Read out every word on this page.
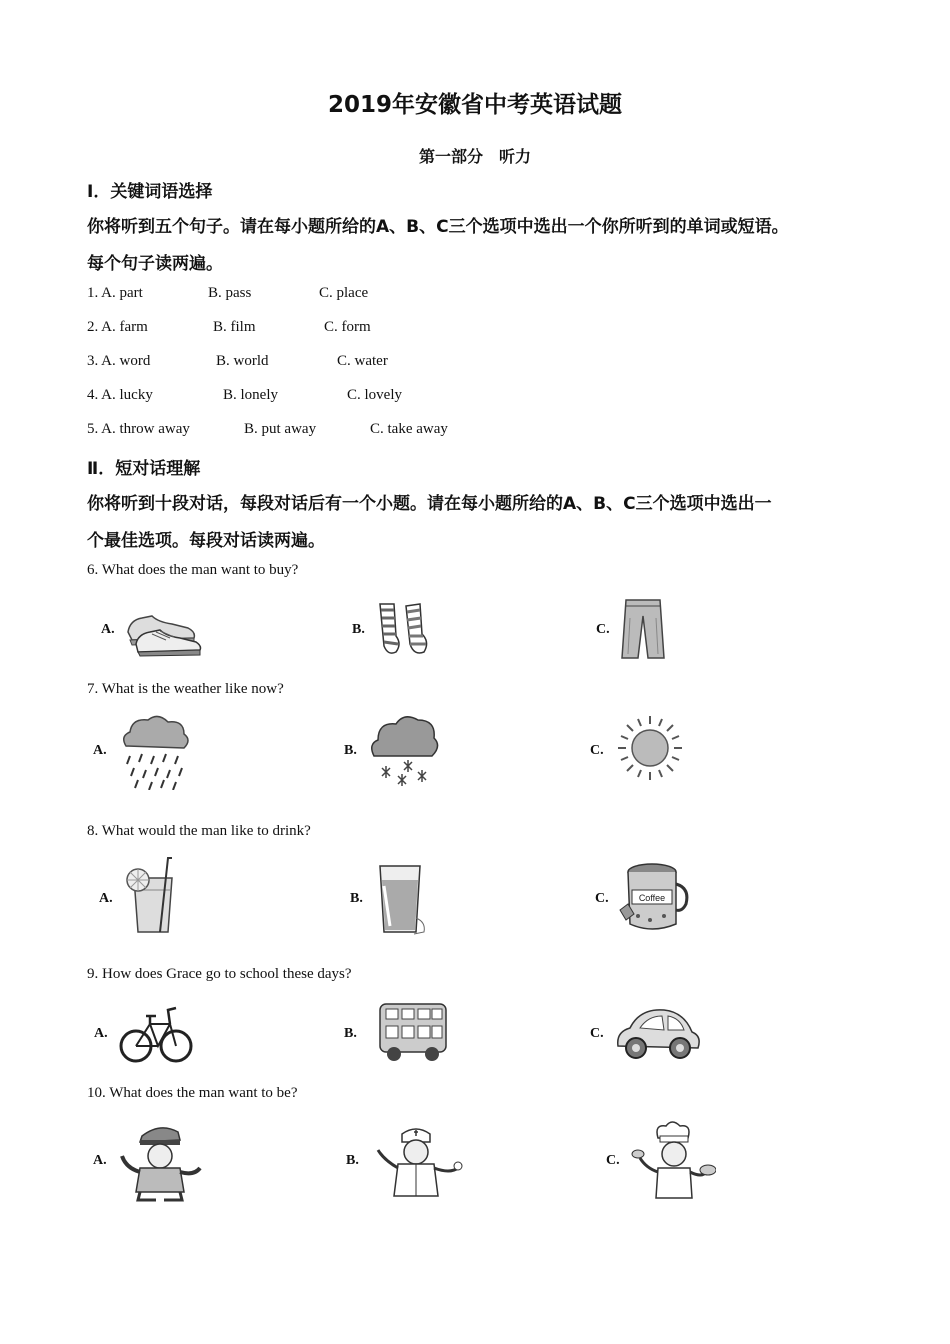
2019年安徽省中考英语试题
第一部分　听力
I．关键词语选择
你将听到五个句子。请在每小题所给的A、B、C三个选项中选出一个你所听到的单词或短语。
每个句子读两遍。
1. A. part	B. pass	C. place
2. A. farm	B. film	C. form
3. A. word	B. world	C. water
4. A. lucky	B. lonely	C. lovely
5. A. throw away	B. put away	C. take away
Ⅱ．短对话理解
你将听到十段对话，每段对话后有一个小题。请在每小题所给的A、B、C三个选项中选出一
个最佳选项。每段对话读两遍。
6. What does the man want to buy?
A.	B.	C.
7. What is the weather like now?
A.	B.	C.
8. What would the man like to drink?
A.	B.	C.	Coffee
9. How does Grace go to school these days?
A.	B.	C.
10. What does the man want to be?
A.	B.	C.
